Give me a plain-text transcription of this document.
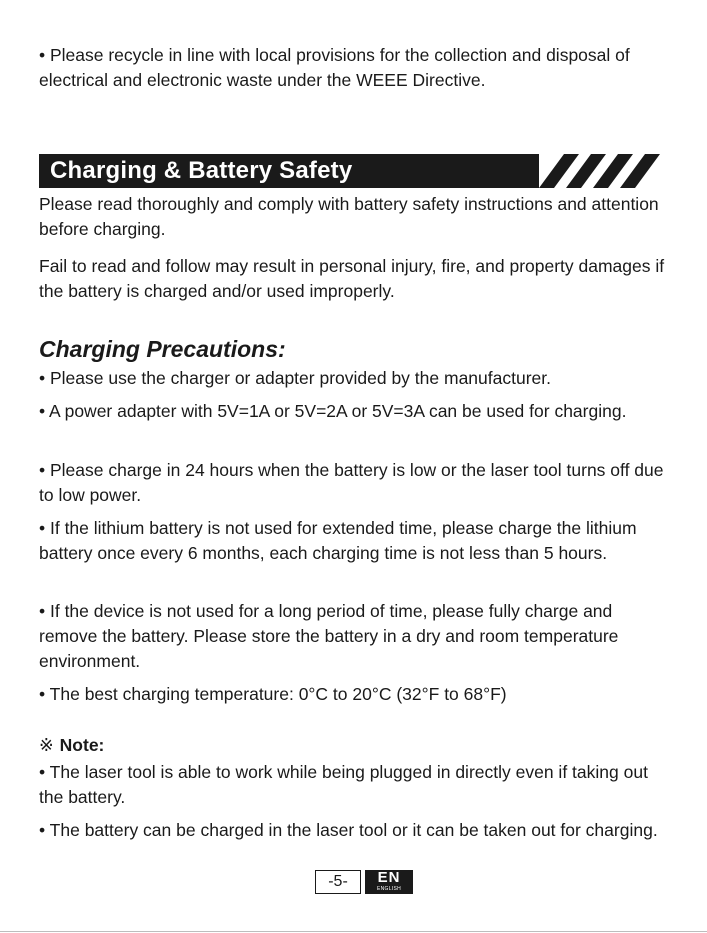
• Please recycle in line with local provisions for the collection and disposal of electrical and electronic waste under the WEEE Directive.

Charging & Battery Safety

Please read thoroughly and comply with battery safety instructions and attention before charging.

Fail to read and follow may result in personal injury, fire, and property damages if the battery is charged and/or used improperly.

Charging Precautions:

• Please use the charger or adapter provided by the manufacturer.

• A power adapter with 5V=1A or 5V=2A or 5V=3A can be used for charging.

• Please charge in 24 hours when the battery is low or the laser tool turns off due to low power.

• If the lithium battery is not used for extended time, please charge the lithium battery once every 6 months, each charging time is not less than 5 hours.

• If the device is not used for a long period of time, please fully charge and remove the battery. Please store the battery in a dry and room temperature environment.

• The best charging temperature: 0°C to 20°C (32°F to 68°F)

※ Note:

• The laser tool is able to work while being plugged in directly even if taking out the battery.

• The battery can be charged in the laser tool or it can be taken out for charging.

-5-	EN
ENGLISH
